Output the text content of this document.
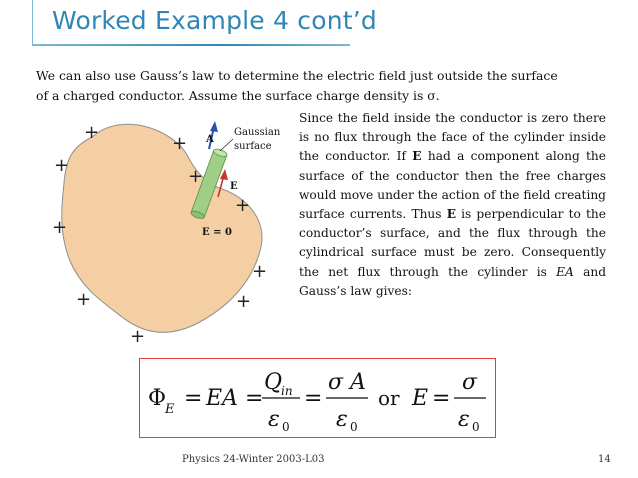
Worked Example 4 cont’d
We can also use Gauss’s law to determine the electric field just outside the surface
of a charged conductor. Assume the surface charge density is σ.
Gaussian
surface
A
E
E = 0
+
+
+
+
+
+
+
+	+
+
Since the field inside the conductor is zero there is no flux through the face of the cylinder inside the conductor. If E had a component along the surface of the conductor then the free charges would move under the action of the field creating surface currents. Thus E is perpendicular to the conductor’s surface, and the flux through the cylindrical surface must be zero. Consequently the net flux through the cylinder is EA and Gauss’s law gives:
Φ
E = EA =
Q
in
ε 0
=
σ A
ε 0
or E =
σ
ε 0
Physics 24-Winter 2003-L03	14
